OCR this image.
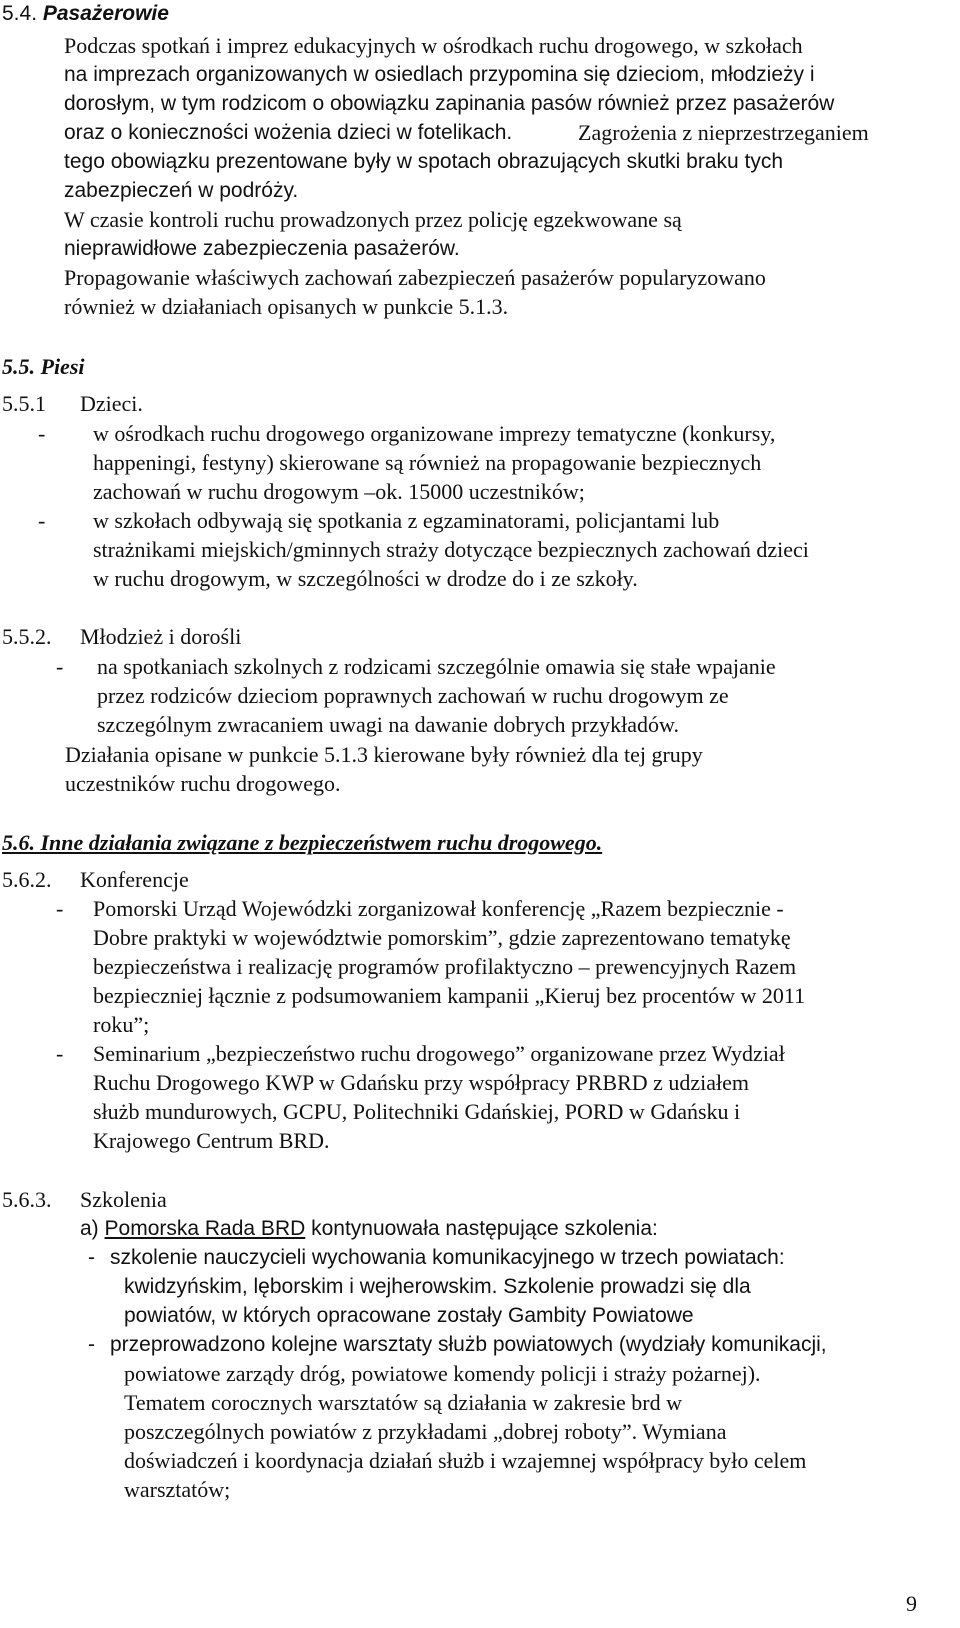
5.4. Pasażerowie
Podczas spotkań i imprez edukacyjnych w ośrodkach ruchu drogowego, w szkołach
na imprezach organizowanych w osiedlach przypomina się dzieciom, młodzieży i
dorosłym, w tym rodzicom o obowiązku zapinania pasów również przez pasażerów
oraz o konieczności wożenia dzieci w fotelikach.	Zagrożenia z nieprzestrzeganiem
tego obowiązku prezentowane były w spotach obrazujących skutki braku tych
zabezpieczeń w podróży.
W czasie kontroli ruchu prowadzonych przez policję egzekwowane są
nieprawidłowe zabezpieczenia pasażerów.
Propagowanie właściwych zachowań zabezpieczeń pasażerów popularyzowano
również w działaniach opisanych w punkcie 5.1.3.
5.5. Piesi
5.5.1 Dzieci.
- w ośrodkach ruchu drogowego organizowane imprezy tematyczne (konkursy,
happeningi, festyny) skierowane są również na propagowanie bezpiecznych
zachowań w ruchu drogowym –ok. 15000 uczestników;
- w szkołach odbywają się spotkania z egzaminatorami, policjantami lub
strażnikami miejskich/gminnych straży dotyczące bezpiecznych zachowań dzieci
w ruchu drogowym, w szczególności w drodze do i ze szkoły.
5.5.2. Młodzież i dorośli
- na spotkaniach szkolnych z rodzicami szczególnie omawia się stałe wpajanie
przez rodziców dzieciom poprawnych zachowań w ruchu drogowym ze
szczególnym zwracaniem uwagi na dawanie dobrych przykładów.
Działania opisane w punkcie 5.1.3 kierowane były również dla tej grupy
uczestników ruchu drogowego.
5.6. Inne działania związane z bezpieczeństwem ruchu drogowego.
5.6.2. Konferencje
- Pomorski Urząd Wojewódzki zorganizował konferencję „Razem bezpiecznie -
Dobre praktyki w województwie pomorskim”, gdzie zaprezentowano tematykę
bezpieczeństwa i realizację programów profilaktyczno – prewencyjnych Razem
bezpieczniej łącznie z podsumowaniem kampanii „Kieruj bez procentów w 2011
roku”;
- Seminarium „bezpieczeństwo ruchu drogowego” organizowane przez Wydział
Ruchu Drogowego KWP w Gdańsku przy współpracy PRBRD z udziałem
służb mundurowych, GCPU, Politechniki Gdańskiej, PORD w Gdańsku i
Krajowego Centrum BRD.
5.6.3. Szkolenia
a) Pomorska Rada BRD kontynuowała następujące szkolenia:
- szkolenie nauczycieli wychowania komunikacyjnego w trzech powiatach:
kwidzyńskim, lęborskim i wejherowskim. Szkolenie prowadzi się dla
powiatów, w których opracowane zostały Gambity Powiatowe
- przeprowadzono kolejne warsztaty służb powiatowych (wydziały komunikacji,
powiatowe zarządy dróg, powiatowe komendy policji i straży pożarnej).
Tematem corocznych warsztatów są działania w zakresie brd w
poszczególnych powiatów z przykładami „dobrej roboty”. Wymiana
doświadczeń i koordynacja działań służb i wzajemnej współpracy było celem
warsztatów;
9
